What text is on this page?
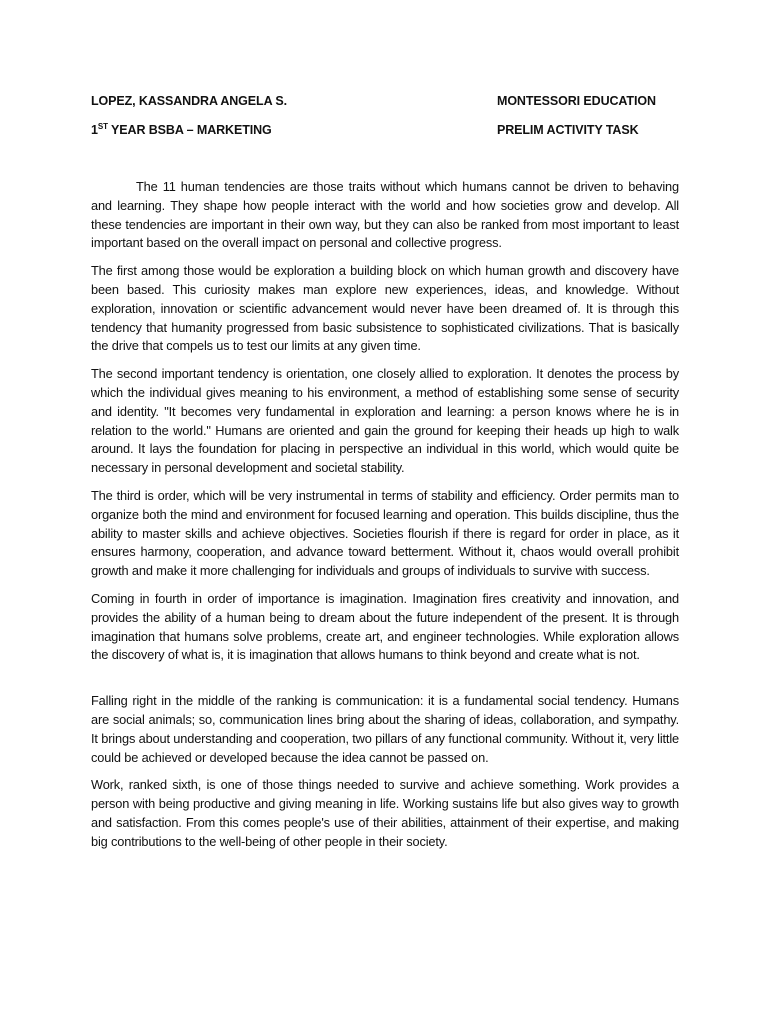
LOPEZ, KASSANDRA ANGELA S.	MONTESSORI EDUCATION
1ST YEAR BSBA – MARKETING	PRELIM ACTIVITY TASK

The 11 human tendencies are those traits without which humans cannot be driven to behaving and learning. They shape how people interact with the world and how societies grow and develop. All these tendencies are important in their own way, but they can also be ranked from most important to least important based on the overall impact on personal and collective progress.

The first among those would be exploration a building block on which human growth and discovery have been based. This curiosity makes man explore new experiences, ideas, and knowledge. Without exploration, innovation or scientific advancement would never have been dreamed of. It is through this tendency that humanity progressed from basic subsistence to sophisticated civilizations. That is basically the drive that compels us to test our limits at any given time.

The second important tendency is orientation, one closely allied to exploration. It denotes the process by which the individual gives meaning to his environment, a method of establishing some sense of security and identity. "It becomes very fundamental in exploration and learning: a person knows where he is in relation to the world." Humans are oriented and gain the ground for keeping their heads up high to walk around. It lays the foundation for placing in perspective an individual in this world, which would quite be necessary in personal development and societal stability.

The third is order, which will be very instrumental in terms of stability and efficiency. Order permits man to organize both the mind and environment for focused learning and operation. This builds discipline, thus the ability to master skills and achieve objectives. Societies flourish if there is regard for order in place, as it ensures harmony, cooperation, and advance toward betterment. Without it, chaos would overall prohibit growth and make it more challenging for individuals and groups of individuals to survive with success.

Coming in fourth in order of importance is imagination. Imagination fires creativity and innovation, and provides the ability of a human being to dream about the future independent of the present. It is through imagination that humans solve problems, create art, and engineer technologies. While exploration allows the discovery of what is, it is imagination that allows humans to think beyond and create what is not.

Falling right in the middle of the ranking is communication: it is a fundamental social tendency. Humans are social animals; so, communication lines bring about the sharing of ideas, collaboration, and sympathy. It brings about understanding and cooperation, two pillars of any functional community. Without it, very little could be achieved or developed because the idea cannot be passed on.

Work, ranked sixth, is one of those things needed to survive and achieve something. Work provides a person with being productive and giving meaning in life. Working sustains life but also gives way to growth and satisfaction. From this comes people's use of their abilities, attainment of their expertise, and making big contributions to the well-being of other people in their society.
